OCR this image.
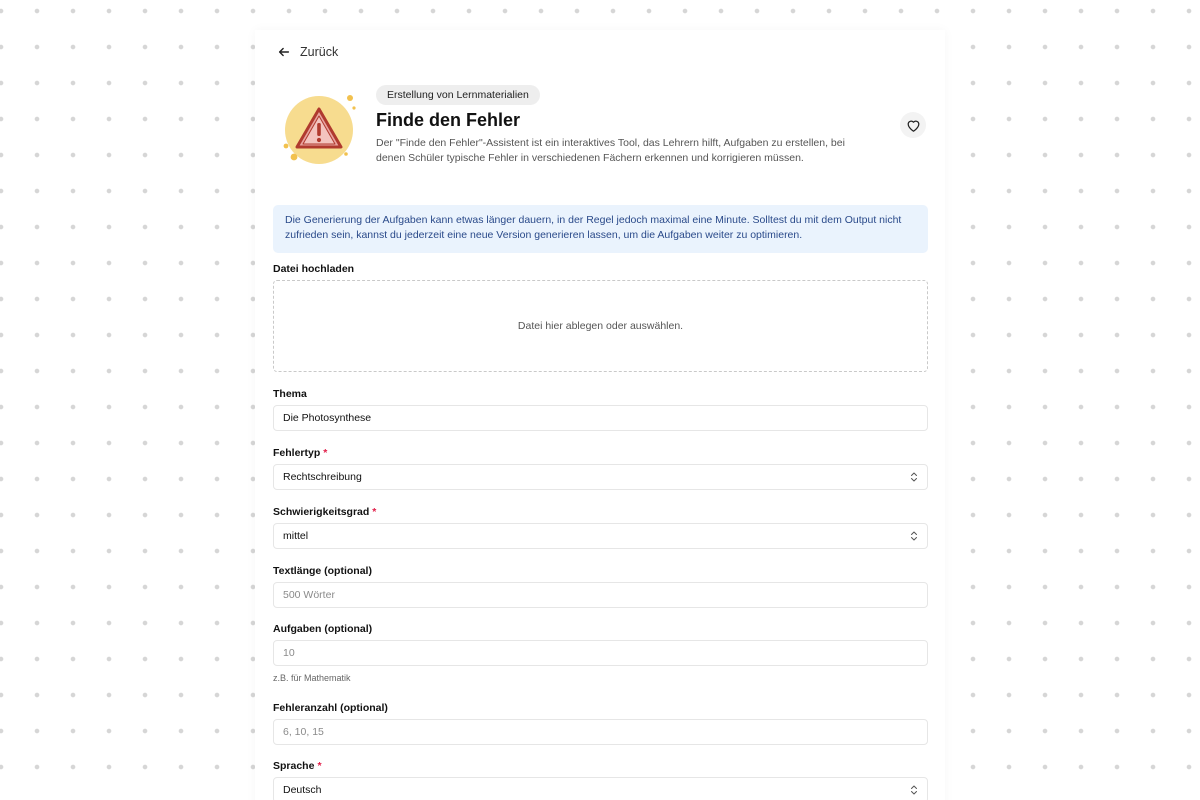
Zurück
Erstellung von Lernmaterialien
Finde den Fehler
Der "Finde den Fehler"-Assistent ist ein interaktives Tool, das Lehrern hilft, Aufgaben zu erstellen, bei denen Schüler typische Fehler in verschiedenen Fächern erkennen und korrigieren müssen.
Die Generierung der Aufgaben kann etwas länger dauern, in der Regel jedoch maximal eine Minute. Solltest du mit dem Output nicht zufrieden sein, kannst du jederzeit eine neue Version generieren lassen, um die Aufgaben weiter zu optimieren.
Datei hochladen
Datei hier ablegen oder auswählen.
Thema
Die Photosynthese
Fehlertyp *
Rechtschreibung
Schwierigkeitsgrad *
mittel
Textlänge (optional)
500 Wörter
Aufgaben (optional)
10
z.B. für Mathematik
Fehleranzahl (optional)
6, 10, 15
Sprache *
Deutsch
